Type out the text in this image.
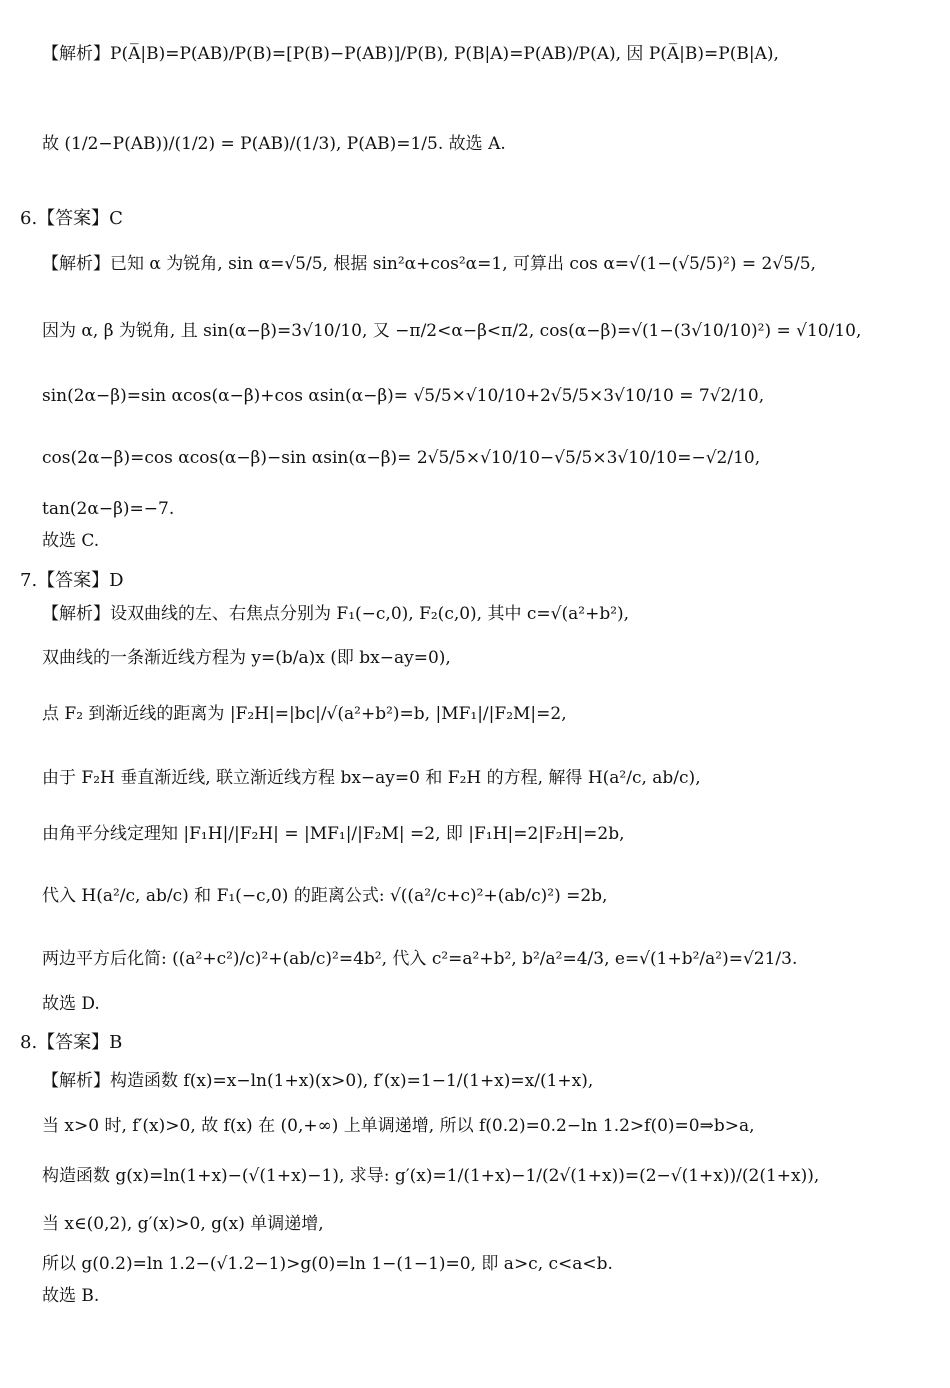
【解析】P(A̅|B)=P(AB)/P(B)=[P(B)−P(AB)]/P(B), P(B|A)=P(AB)/P(A), 因 P(A̅|B)=P(B|A),
故 (1/2−P(AB))/(1/2) = P(AB)/(1/3), P(AB)=1/5. 故选 A.
6.【答案】C
【解析】已知 α 为锐角, sin α=√5/5, 根据 sin²α+cos²α=1, 可算出 cos α=√(1−(√5/5)²) = 2√5/5,
因为 α, β 为锐角, 且 sin(α−β)=3√10/10, 又 −π/2<α−β<π/2, cos(α−β)=√(1−(3√10/10)²) = √10/10,
sin(2α−β)=sin αcos(α−β)+cos αsin(α−β)= √5/5×√10/10+2√5/5×3√10/10 = 7√2/10,
cos(2α−β)=cos αcos(α−β)−sin αsin(α−β)= 2√5/5×√10/10−√5/5×3√10/10=−√2/10,
tan(2α−β)=−7.
故选 C.
7.【答案】D
【解析】设双曲线的左、右焦点分别为 F₁(−c,0), F₂(c,0), 其中 c=√(a²+b²),
双曲线的一条渐近线方程为 y=(b/a)x (即 bx−ay=0),
点 F₂ 到渐近线的距离为 |F₂H|=|bc|/√(a²+b²)=b, |MF₁|/|F₂M|=2,
由于 F₂H 垂直渐近线, 联立渐近线方程 bx−ay=0 和 F₂H 的方程, 解得 H(a²/c, ab/c),
由角平分线定理知 |F₁H|/|F₂H| = |MF₁|/|F₂M| =2, 即 |F₁H|=2|F₂H|=2b,
代入 H(a²/c, ab/c) 和 F₁(−c,0) 的距离公式: √((a²/c+c)²+(ab/c)²) =2b,
两边平方后化简: ((a²+c²)/c)²+(ab/c)²=4b², 代入 c²=a²+b², b²/a²=4/3, e=√(1+b²/a²)=√21/3.
故选 D.
8.【答案】B
【解析】构造函数 f(x)=x−ln(1+x)(x>0), f′(x)=1−1/(1+x)=x/(1+x),
当 x>0 时, f′(x)>0, 故 f(x) 在 (0,+∞) 上单调递增, 所以 f(0.2)=0.2−ln 1.2>f(0)=0⇒b>a,
构造函数 g(x)=ln(1+x)−(√(1+x)−1), 求导: g′(x)=1/(1+x)−1/(2√(1+x))=(2−√(1+x))/(2(1+x)),
当 x∈(0,2), g′(x)>0, g(x) 单调递增,
所以 g(0.2)=ln 1.2−(√1.2−1)>g(0)=ln 1−(1−1)=0, 即 a>c, c<a<b.
故选 B.
